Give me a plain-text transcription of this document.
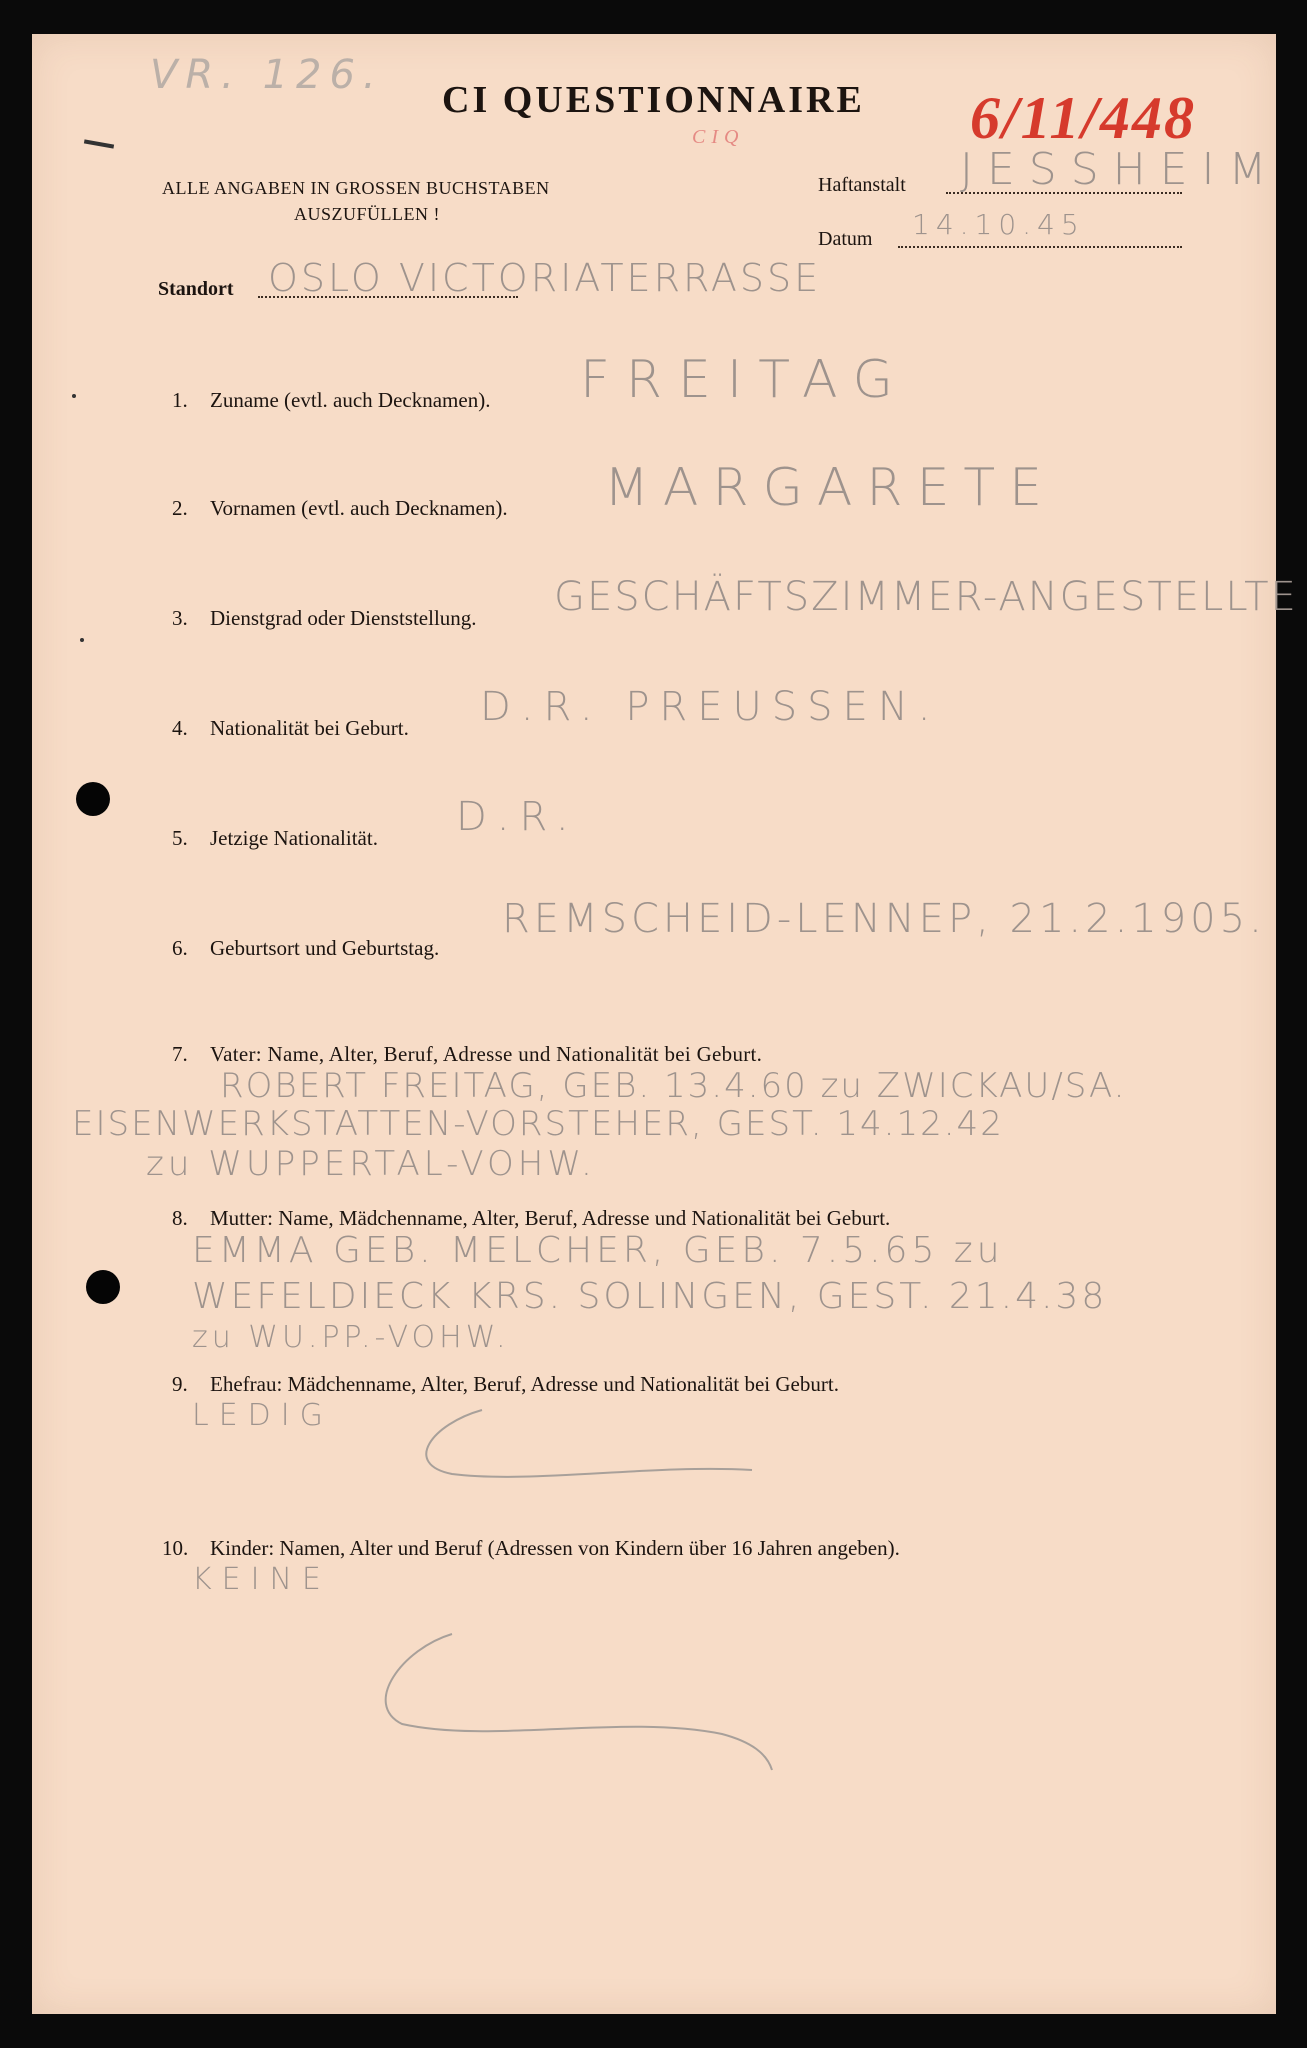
VR. 126.
CI QUESTIONNAIRE 6/11/448
CIQ
ALLE ANGABEN IN GROSSEN BUCHSTABEN
AUSZUFÜLLEN !
Haftanstalt JESSHEIM
Datum 14.10.45
Standort OSLO VICTORIATERRASSE
1. Zuname (evtl. auch Decknamen). FREITAG
2. Vornamen (evtl. auch Decknamen). MARGARETE
3. Dienstgrad oder Dienststellung. GESCHÄFTSZIMMER-ANGESTELLTE
4. Nationalität bei Geburt. D.R. PREUSSEN.
5. Jetzige Nationalität. D.R.
6. Geburtsort und Geburtstag.
REMSCHEID-LENNEP, 21.2.1905.
7. Vater: Name, Alter, Beruf, Adresse und Nationalität bei Geburt.
ROBERT FREITAG, GEB. 13.4.60 zu ZWICKAU/SA.
EISENWERKSTATTEN-VORSTEHER, GEST. 14.12.42
zu WUPPERTAL-VOHW.
8. Mutter: Name, Mädchenname, Alter, Beruf, Adresse und Nationalität bei Geburt.
EMMA GEB. MELCHER, GEB. 7.5.65 zu
WEFELDIECK KRS. SOLINGEN, GEST. 21.4.38
zu WU.PP.-VOHW.
9. Ehefrau: Mädchenname, Alter, Beruf, Adresse und Nationalität bei Geburt.
LEDIG
10. Kinder: Namen, Alter und Beruf (Adressen von Kindern über 16 Jahren angeben).
KEINE
